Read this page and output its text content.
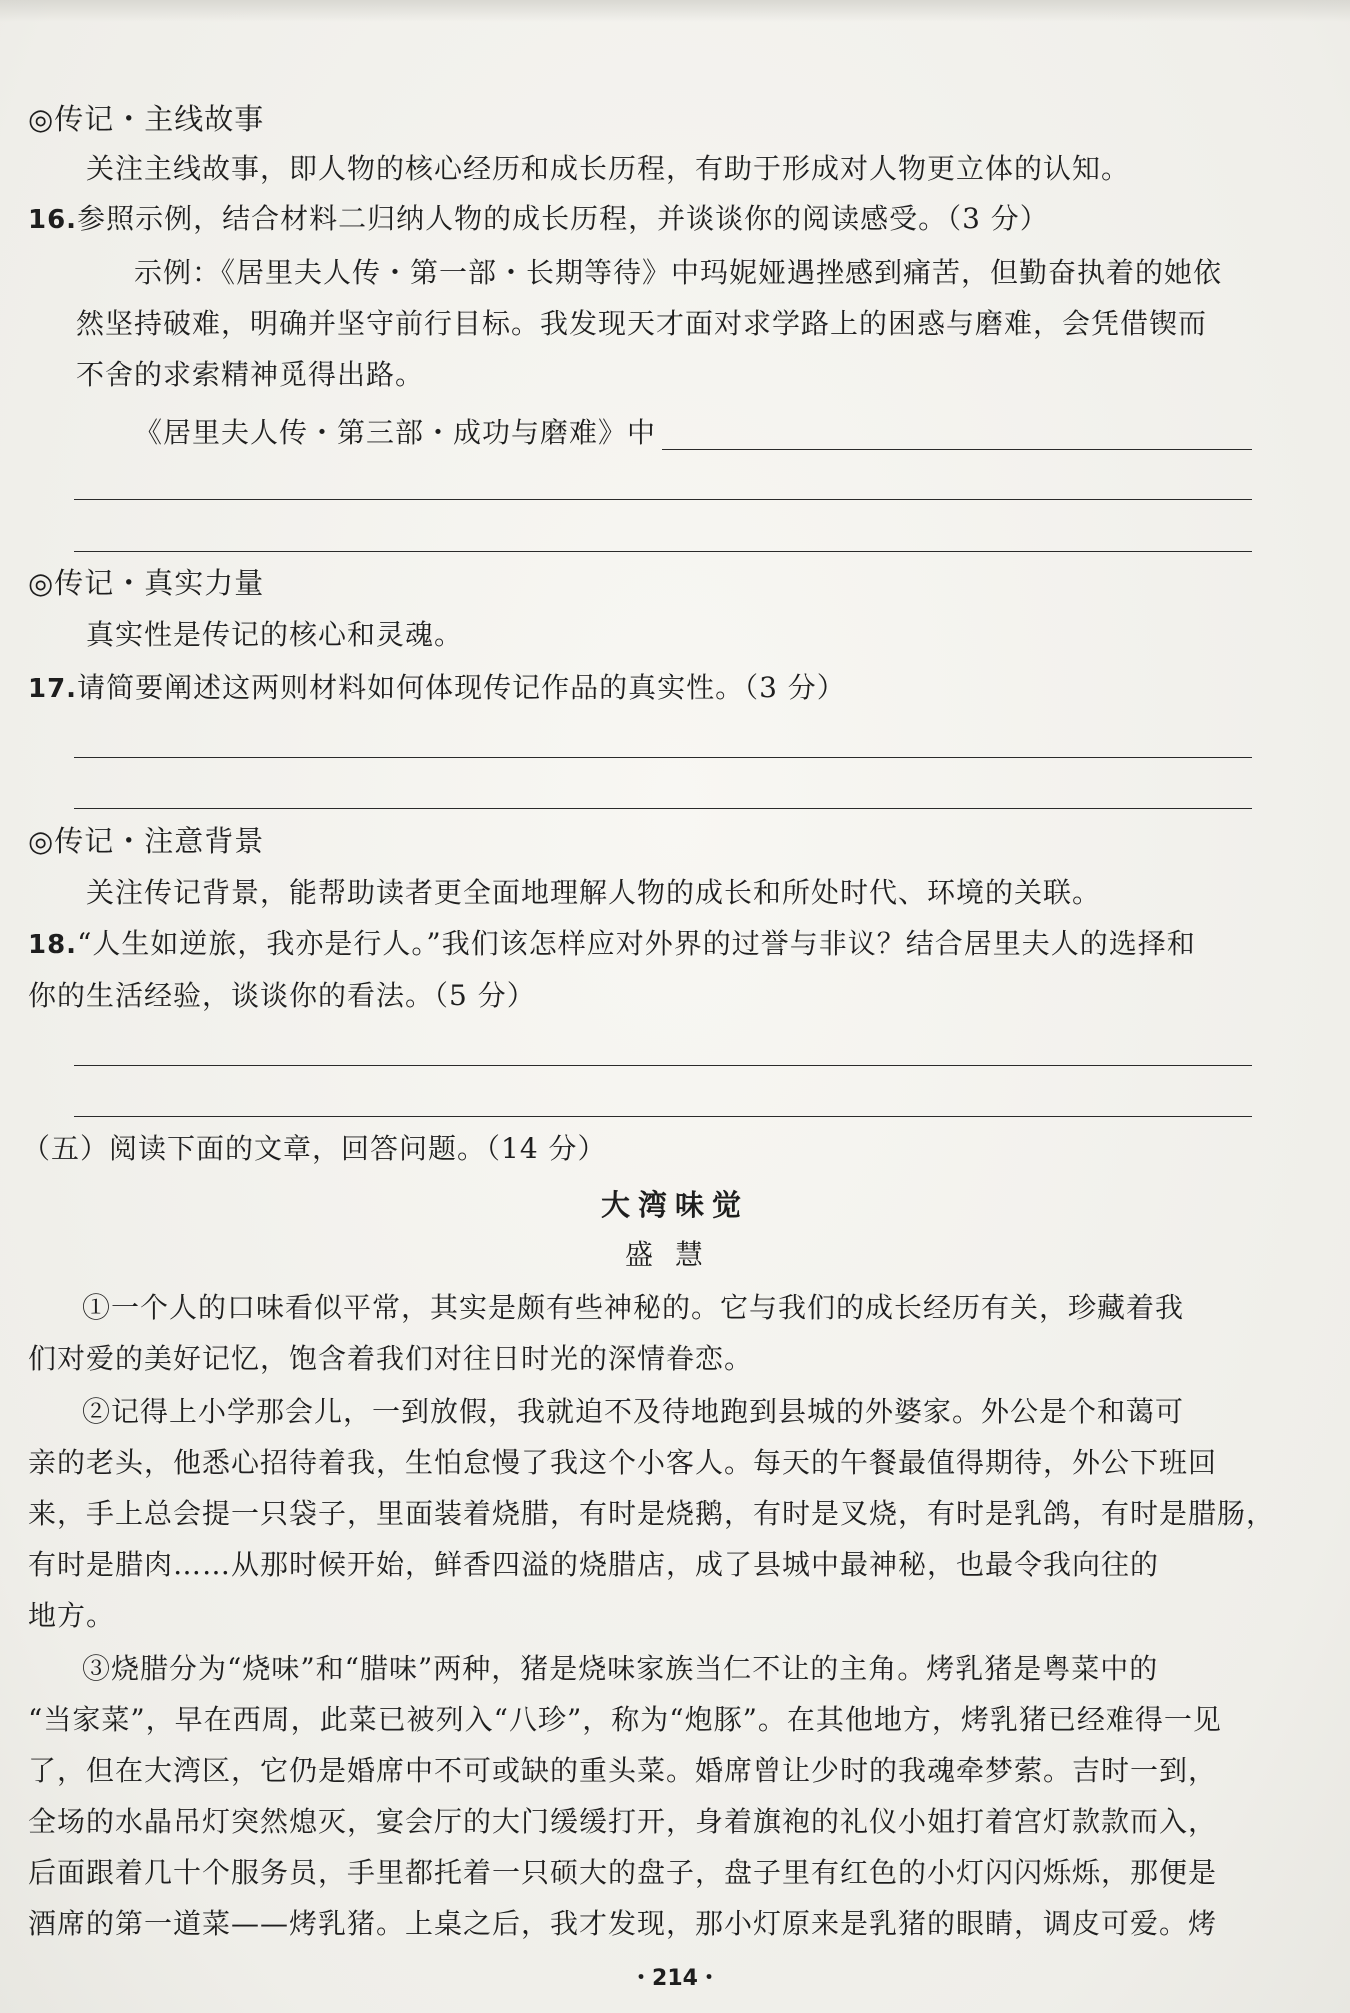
◎传记・主线故事
关注主线故事，即人物的核心经历和成长历程，有助于形成对人物更立体的认知。
16.参照示例，结合材料二归纳人物的成长历程，并谈谈你的阅读感受。（3 分）
示例：《居里夫人传・第一部・长期等待》中玛妮娅遇挫感到痛苦，但勤奋执着的她依
然坚持破难，明确并坚守前行目标。我发现天才面对求学路上的困惑与磨难，会凭借锲而
不舍的求索精神觅得出路。
《居里夫人传・第三部・成功与磨难》中
◎传记・真实力量
真实性是传记的核心和灵魂。
17.请简要阐述这两则材料如何体现传记作品的真实性。（3 分）
◎传记・注意背景
关注传记背景，能帮助读者更全面地理解人物的成长和所处时代、环境的关联。
18.“人生如逆旅，我亦是行人。”我们该怎样应对外界的过誉与非议？结合居里夫人的选择和
你的生活经验，谈谈你的看法。（5 分）
（五）阅读下面的文章，回答问题。（14 分）
大湾味觉
盛慧
①一个人的口味看似平常，其实是颇有些神秘的。它与我们的成长经历有关，珍藏着我
们对爱的美好记忆，饱含着我们对往日时光的深情眷恋。
②记得上小学那会儿，一到放假，我就迫不及待地跑到县城的外婆家。外公是个和蔼可
亲的老头，他悉心招待着我，生怕怠慢了我这个小客人。每天的午餐最值得期待，外公下班回
来，手上总会提一只袋子，里面装着烧腊，有时是烧鹅，有时是叉烧，有时是乳鸽，有时是腊肠，
有时是腊肉……从那时候开始，鲜香四溢的烧腊店，成了县城中最神秘，也最令我向往的
地方。
③烧腊分为“烧味”和“腊味”两种，猪是烧味家族当仁不让的主角。烤乳猪是粤菜中的
“当家菜”，早在西周，此菜已被列入“八珍”，称为“炮豚”。在其他地方，烤乳猪已经难得一见
了，但在大湾区，它仍是婚席中不可或缺的重头菜。婚席曾让少时的我魂牵梦萦。吉时一到，
全场的水晶吊灯突然熄灭，宴会厅的大门缓缓打开，身着旗袍的礼仪小姐打着宫灯款款而入，
后面跟着几十个服务员，手里都托着一只硕大的盘子，盘子里有红色的小灯闪闪烁烁，那便是
酒席的第一道菜——烤乳猪。上桌之后，我才发现，那小灯原来是乳猪的眼睛，调皮可爱。烤
・214・
